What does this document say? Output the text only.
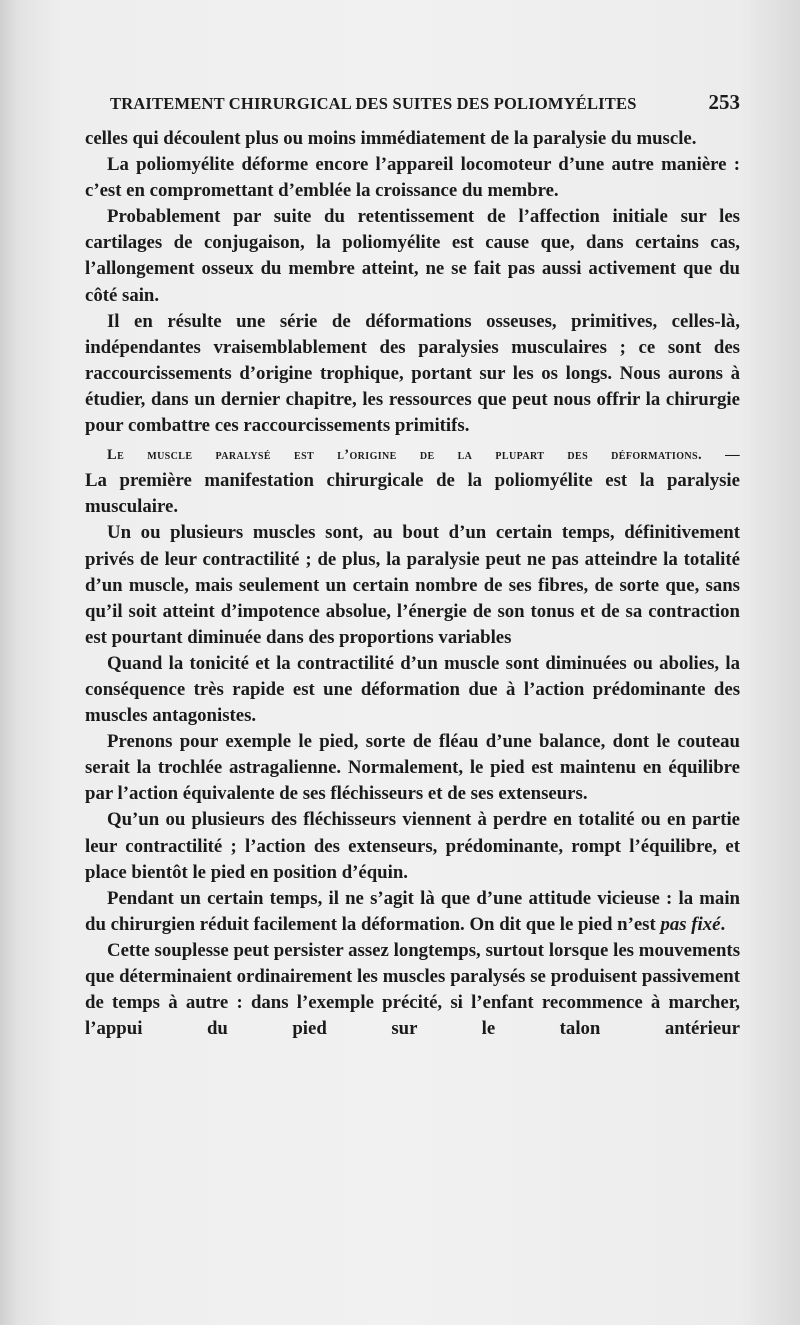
TRAITEMENT CHIRURGICAL DES SUITES DES POLIOMYÉLITES	253

celles qui découlent plus ou moins immédiatement de la paralysie du muscle.

La poliomyélite déforme encore l’appareil locomoteur d’une autre manière : c’est en compromettant d’emblée la croissance du membre.

Probablement par suite du retentissement de l’affection initiale sur les cartilages de conjugaison, la poliomyélite est cause que, dans certains cas, l’allongement osseux du membre atteint, ne se fait pas aussi activement que du côté sain.

Il en résulte une série de déformations osseuses, primitives, celles-là, indépendantes vraisemblablement des paralysies musculaires ; ce sont des raccourcissements d’origine trophique, portant sur les os longs. Nous aurons à étudier, dans un dernier chapitre, les ressources que peut nous offrir la chirurgie pour combattre ces raccourcissements primitifs.

Le muscle paralysé est l’origine de la plupart des déformations. —

La première manifestation chirurgicale de la poliomyélite est la paralysie musculaire.

Un ou plusieurs muscles sont, au bout d’un certain temps, définitivement privés de leur contractilité ; de plus, la paralysie peut ne pas atteindre la totalité d’un muscle, mais seulement un certain nombre de ses fibres, de sorte que, sans qu’il soit atteint d’impotence absolue, l’énergie de son tonus et de sa contraction est pourtant diminuée dans des proportions variables

Quand la tonicité et la contractilité d’un muscle sont diminuées ou abolies, la conséquence très rapide est une déformation due à l’action prédominante des muscles antagonistes.

Prenons pour exemple le pied, sorte de fléau d’une balance, dont le couteau serait la trochlée astragalienne. Normalement, le pied est maintenu en équilibre par l’action équivalente de ses fléchisseurs et de ses extenseurs.

Qu’un ou plusieurs des fléchisseurs viennent à perdre en totalité ou en partie leur contractilité ; l’action des extenseurs, prédominante, rompt l’équilibre, et place bientôt le pied en position d’équin.

Pendant un certain temps, il ne s’agit là que d’une attitude vicieuse : la main du chirurgien réduit facilement la déformation. On dit que le pied n’est pas fixé.

Cette souplesse peut persister assez longtemps, surtout lorsque les mouvements que déterminaient ordinairement les muscles paralysés se produisent passivement de temps à autre : dans l’exemple précité, si l’enfant recommence à marcher, l’appui du pied sur le talon antérieur
